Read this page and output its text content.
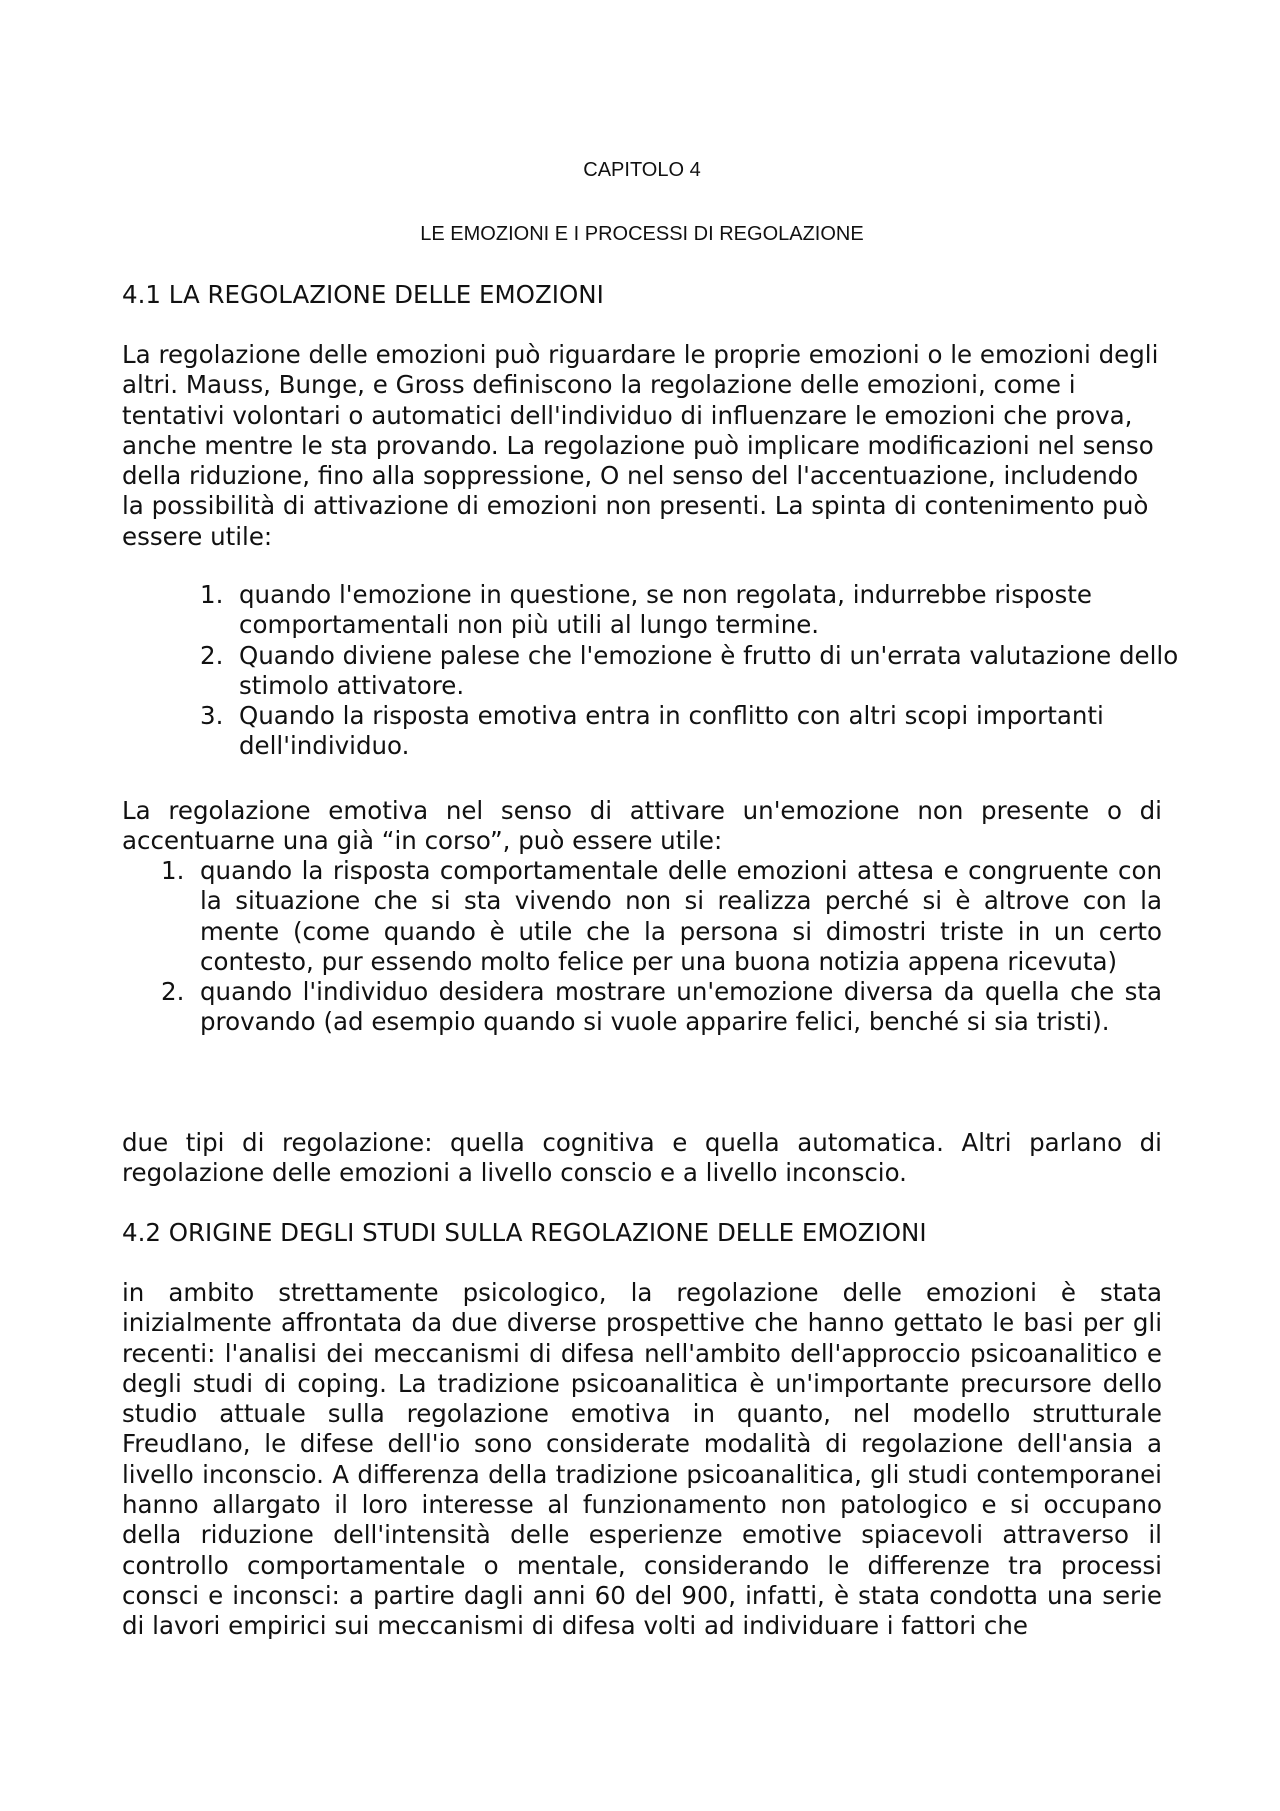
CAPITOLO 4
LE EMOZIONI E I PROCESSI DI REGOLAZIONE
4.1 LA REGOLAZIONE DELLE EMOZIONI

La regolazione delle emozioni può riguardare le proprie emozioni o le emozioni degli altri. Mauss, Bunge, e Gross definiscono la regolazione delle emozioni, come i tentativi volontari o automatici dell'individuo di influenzare le emozioni che prova, anche mentre le sta provando. La regolazione può implicare modificazioni nel senso della riduzione, fino alla soppressione, O nel senso del l'accentuazione, includendo la possibilità di attivazione di emozioni non presenti. La spinta di contenimento può essere utile:

1. quando l'emozione in questione, se non regolata, indurrebbe risposte comportamentali non più utili al lungo termine.
2. Quando diviene palese che l'emozione è frutto di un'errata valutazione dello stimolo attivatore.
3. Quando la risposta emotiva entra in conflitto con altri scopi importanti dell'individuo.

La regolazione emotiva nel senso di attivare un'emozione non presente o di accentuarne una già “in corso”, può essere utile:

1. quando la risposta comportamentale delle emozioni attesa e congruente con la situazione che si sta vivendo non si realizza perché si è altrove con la mente (come quando è utile che la persona si dimostri triste in un certo contesto, pur essendo molto felice per una buona notizia appena ricevuta)
2. quando l'individuo desidera mostrare un'emozione diversa da quella che sta provando (ad esempio quando si vuole apparire felici, benché si sia tristi).

due tipi di regolazione: quella cognitiva e quella automatica. Altri parlano di regolazione delle emozioni a livello conscio e a livello inconscio.

4.2 ORIGINE DEGLI STUDI SULLA REGOLAZIONE DELLE EMOZIONI

in ambito strettamente psicologico, la regolazione delle emozioni è stata inizialmente affrontata da due diverse prospettive che hanno gettato le basi per gli recenti: l'analisi dei meccanismi di difesa nell'ambito dell'approccio psicoanalitico e degli studi di coping. La tradizione psicoanalitica è un'importante precursore dello studio attuale sulla regolazione emotiva in quanto, nel modello strutturale FreudIano, le difese dell'io sono considerate modalità di regolazione dell'ansia a livello inconscio. A differenza della tradizione psicoanalitica, gli studi contemporanei hanno allargato il loro interesse al funzionamento non patologico e si occupano della riduzione dell'intensità delle esperienze emotive spiacevoli attraverso il controllo comportamentale o mentale, considerando le differenze tra processi consci e inconsci: a partire dagli anni 60 del 900, infatti, è stata condotta una serie di lavori empirici sui meccanismi di difesa volti ad individuare i fattori che
